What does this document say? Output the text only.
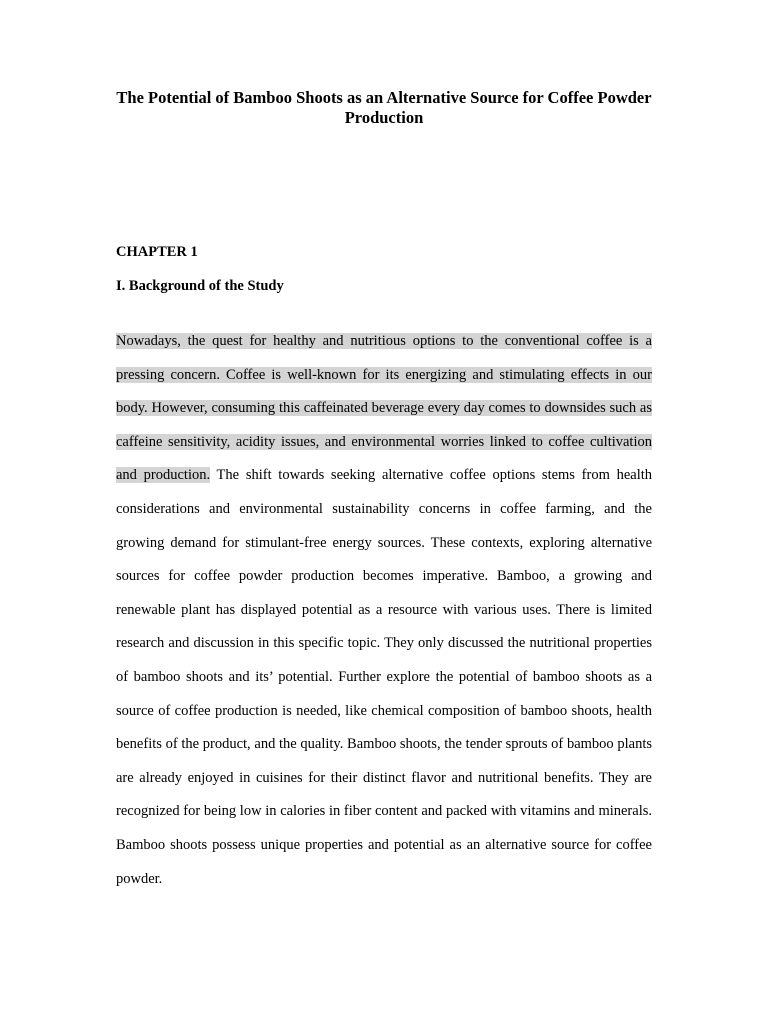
The Potential of Bamboo Shoots as an Alternative Source for Coffee Powder Production
CHAPTER 1
I. Background of the Study

Nowadays, the quest for healthy and nutritious options to the conventional coffee is a pressing concern. Coffee is well-known for its energizing and stimulating effects in our body. However, consuming this caffeinated beverage every day comes to downsides such as caffeine sensitivity, acidity issues, and environmental worries linked to coffee cultivation and production. The shift towards seeking alternative coffee options stems from health considerations and environmental sustainability concerns in coffee farming, and the growing demand for stimulant-free energy sources. These contexts, exploring alternative sources for coffee powder production becomes imperative. Bamboo, a growing and renewable plant has displayed potential as a resource with various uses. There is limited research and discussion in this specific topic. They only discussed the nutritional properties of bamboo shoots and its’ potential. Further explore the potential of bamboo shoots as a source of coffee production is needed, like chemical composition of bamboo shoots, health benefits of the product, and the quality. Bamboo shoots, the tender sprouts of bamboo plants are already enjoyed in cuisines for their distinct flavor and nutritional benefits. They are recognized for being low in calories in fiber content and packed with vitamins and minerals. Bamboo shoots possess unique properties and potential as an alternative source for coffee powder.
